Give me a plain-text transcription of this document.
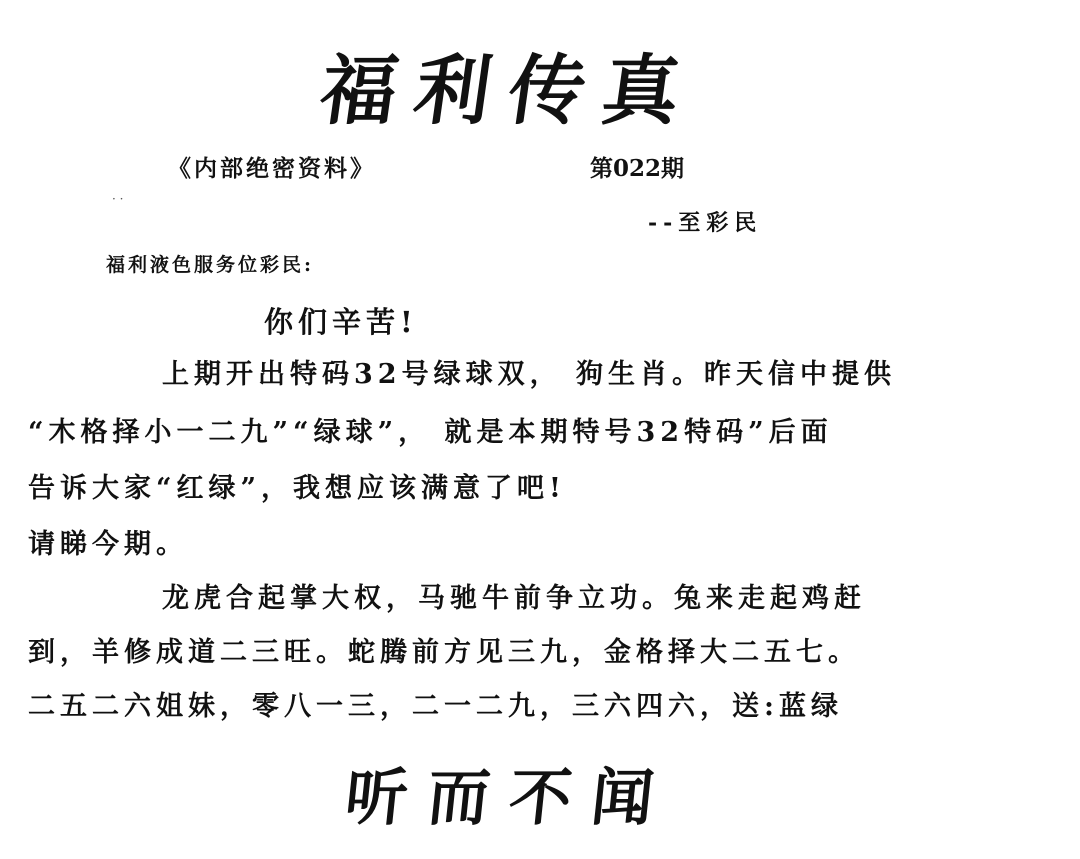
福利传真
《内部绝密资料》	第022期
· ·
--至彩民
福利液色服务位彩民:
你们辛苦!
上期开出特码32号绿球双， 狗生肖。昨天信中提供
“木格择小一二九”“绿球”， 就是本期特号32特码”后面
告诉大家“红绿”，我想应该满意了吧!
请睇今期。
龙虎合起掌大权，马驰牛前争立功。兔来走起鸡赶
到，羊修成道二三旺。蛇腾前方见三九，金格择大二五七。
二五二六姐妹，零八一三，二一二九，三六四六，送:蓝绿
听而不闻
